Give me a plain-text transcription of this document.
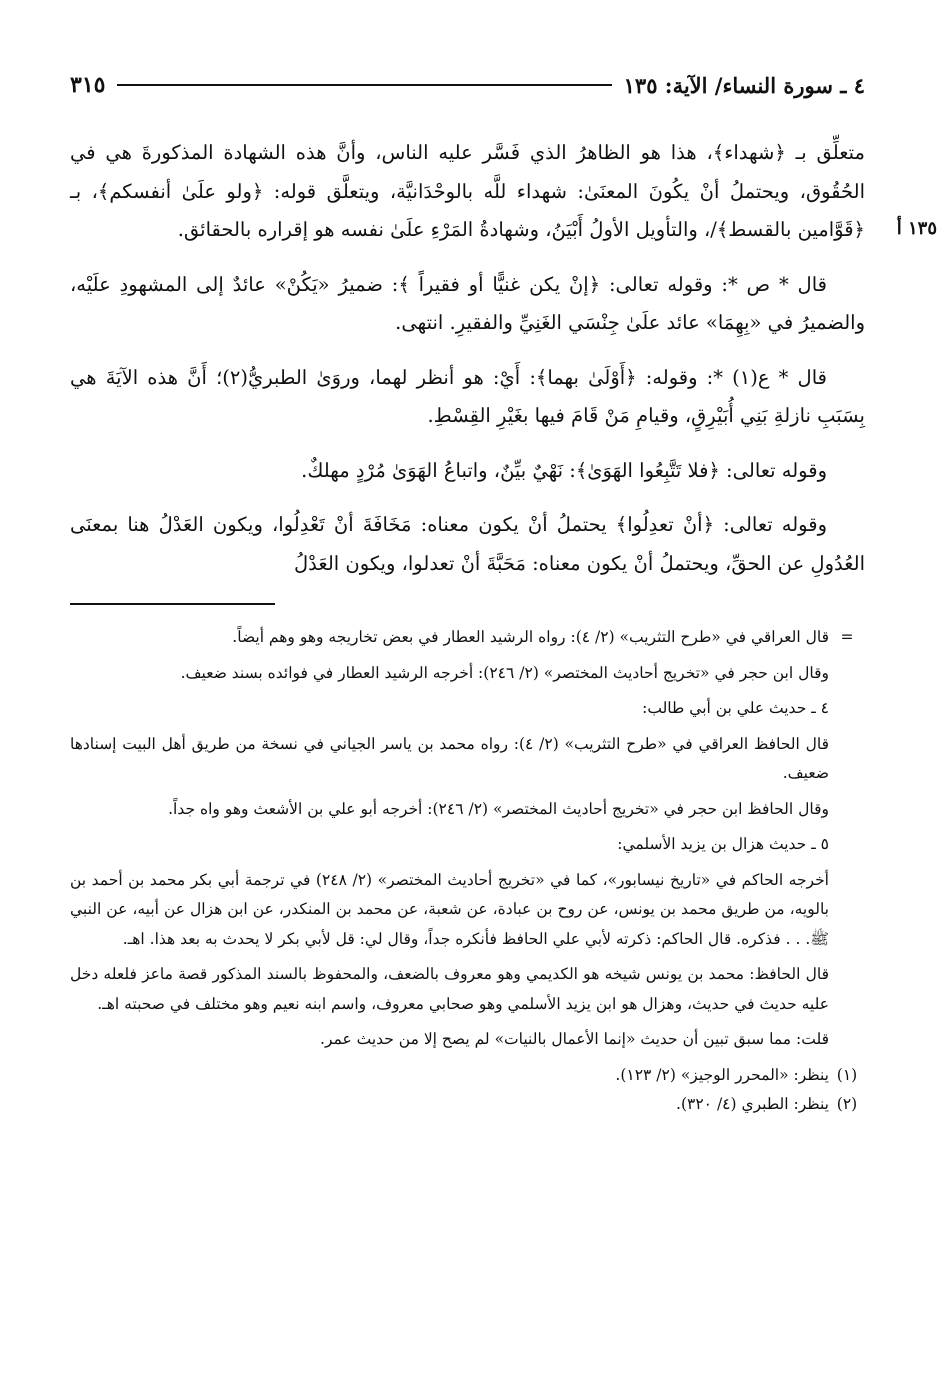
٤ ـ سورة النساء/ الآية: ١٣٥
٣١٥
١٣٥ أ

متعلِّق بـ ﴿شهداء﴾، هذا هو الظاهرُ الذي فَسَّر عليه الناس، وأنَّ هذه الشهادة المذكورةَ هي في الحُقُوق، ويحتملُ أنْ يكُونَ المعنَىٰ: شهداء للَّه بالوحْدَانيَّة، ويتعلَّق قوله: ﴿ولو علَىٰ أنفسكم﴾، بـ ﴿قَوَّامين بالقسط﴾/، والتأويل الأولُ أَبْيَنُ، وشهادةُ المَرْءِ علَىٰ نفسه هو إقراره بالحقائق.

قال * ص *: وقوله تعالى: ﴿إنْ يكن غنيًّا أو فقيراً ﴾: ضميرُ «يَكُنْ» عائدٌ إلى المشهودِ علَيْه، والضميرُ في «بِهِمَا» عائد علَىٰ جِنْسَي الغَنِيِّ والفقيرِ. انتهى.

قال * ع(١) *: وقوله: ﴿أَوْلَىٰ بهما﴾: أَيْ: هو أنظر لهما، وروَىٰ الطبريُّ(٢)؛ أَنَّ هذه الآيَةَ هي بِسَبَبِ نازلةِ بَنِي أُبَيْرِقٍ، وقيامِ مَنْ قَامَ فيها بغَيْرِ القِسْطِ.

وقوله تعالى: ﴿فلا تَتَّبِعُوا الهَوَىٰ﴾: نَهْيٌ بيِّنٌ، واتباعُ الهَوَىٰ مُرْدٍ مهلكٌ.

وقوله تعالى: ﴿أنْ تعدِلُوا﴾ يحتملُ أنْ يكون معناه: مَخَافَةَ أنْ تَعْدِلُوا، ويكون العَدْلُ هنا بمعنَى العُدُولِ عن الحقِّ، ويحتملُ أنْ يكون معناه: مَحَبَّةَ أنْ تعدلوا، ويكون العَدْلُ

=
قال العراقي في «طرح التثريب» (٢/ ٤): رواه الرشيد العطار في بعض تخاريجه وهو وهم أيضاً.
وقال ابن حجر في «تخريج أحاديث المختصر» (٢/ ٢٤٦): أخرجه الرشيد العطار في فوائده بسند ضعيف.
٤ ـ حديث علي بن أبي طالب:
قال الحافظ العراقي في «طرح التثريب» (٢/ ٤): رواه محمد بن ياسر الجياني في نسخة من طريق أهل البيت إسنادها ضعيف.
وقال الحافظ ابن حجر في «تخريج أحاديث المختصر» (٢/ ٢٤٦): أخرجه أبو علي بن الأشعث وهو واه جداً.
٥ ـ حديث هزال بن يزيد الأسلمي:
أخرجه الحاكم في «تاريخ نيسابور»، كما في «تخريج أحاديث المختصر» (٢/ ٢٤٨) في ترجمة أبي بكر محمد بن أحمد بن بالويه، من طريق محمد بن يونس، عن روح بن عبادة، عن شعبة، عن محمد بن المنكدر، عن ابن هزال عن أبيه، عن النبي ﷺ. . . فذكره. قال الحاكم: ذكرته لأبي علي الحافظ فأنكره جداً، وقال لي: قل لأبي بكر لا يحدث به بعد هذا. اهـ.
قال الحافظ: محمد بن يونس شيخه هو الكديمي وهو معروف بالضعف، والمحفوظ بالسند المذكور قصة ماعز فلعله دخل عليه حديث في حديث، وهزال هو ابن يزيد الأسلمي وهو صحابي معروف، واسم ابنه نعيم وهو مختلف في صحبته اهـ.
قلت: مما سبق تبين أن حديث «إنما الأعمال بالنيات» لم يصح إلا من حديث عمر.
(١)
ينظر: «المحرر الوجيز» (٢/ ١٢٣).
(٢)
ينظر: الطبري (٤/ ٣٢٠).
